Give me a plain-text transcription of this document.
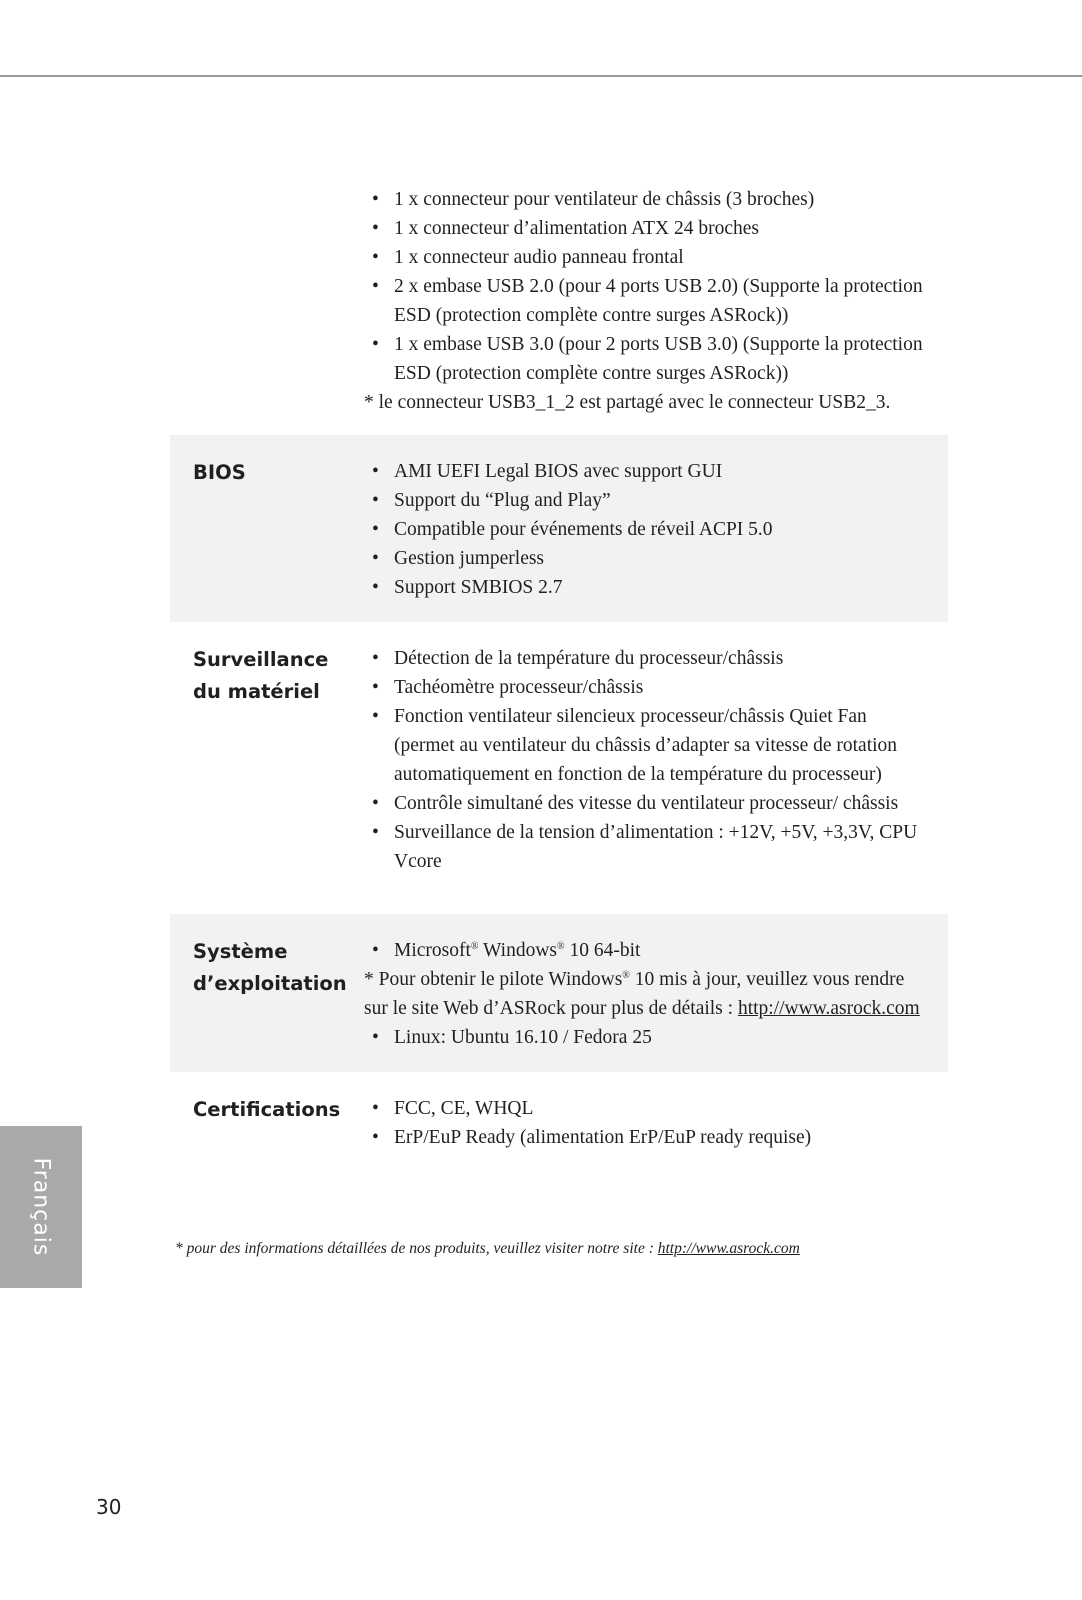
• 1 x connecteur pour ventilateur de châssis (3 broches)
• 1 x connecteur d’alimentation ATX 24 broches
• 1 x connecteur audio panneau frontal
• 2 x embase USB 2.0 (pour 4 ports USB 2.0) (Supporte la protection ESD (protection complète contre surges ASRock))
• 1 x embase USB 3.0 (pour 2 ports USB 3.0) (Supporte la protection ESD (protection complète contre surges ASRock))

* le connecteur USB3_1_2 est partagé avec le connecteur USB2_3.

BIOS	• AMI UEFI Legal BIOS avec support GUI
• Support du “Plug and Play”
• Compatible pour événements de réveil ACPI 5.0
• Gestion jumperless
• Support SMBIOS 2.7
Surveillance
du matériel
• Détection de la température du processeur/châssis
• Tachéomètre processeur/châssis
• Fonction ventilateur silencieux processeur/châssis Quiet Fan (permet au ventilateur du châssis d’adapter sa vitesse de rotation automatiquement en fonction de la température du processeur)
• Contrôle simultané des vitesse du ventilateur processeur/ châssis
• Surveillance de la tension d’alimentation : +12V, +5V, +3,3V, CPU Vcore
Système
d’exploitation
• Microsoft® Windows® 10 64-bit

* Pour obtenir le pilote Windows® 10 mis à jour, veuillez vous rendre sur le site Web d’ASRock pour plus de détails : http://www.asrock.com

• Linux: Ubuntu 16.10 / Fedora 25
Certifications	• FCC, CE, WHQL
• ErP/EuP Ready (alimentation ErP/EuP ready requise)
* pour des informations détaillées de nos produits, veuillez visiter notre site : http://www.asrock.com
Français
30
